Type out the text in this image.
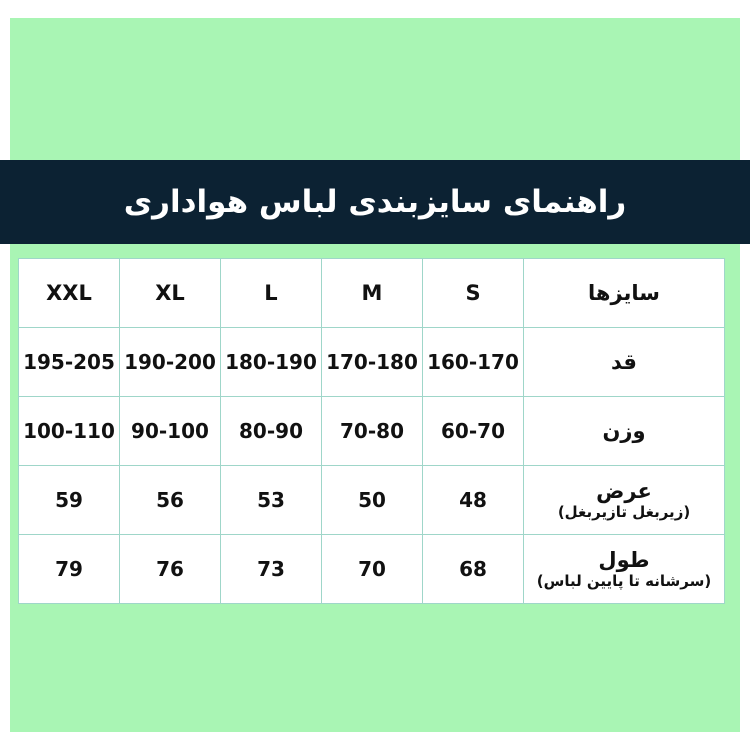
راهنمای سایزبندی لباس هواداری
سایزها	S	M	L	XL	XXL

قد	160-170	170-180	180-190	190-200	195-205

وزن	60-70	70-80	80-90	90-100	100-110

عرض
(زیربغل تازیربغل)	48	50	53	56	59

طول
(سرشانه تا پایین لباس)	68	70	73	76	79
